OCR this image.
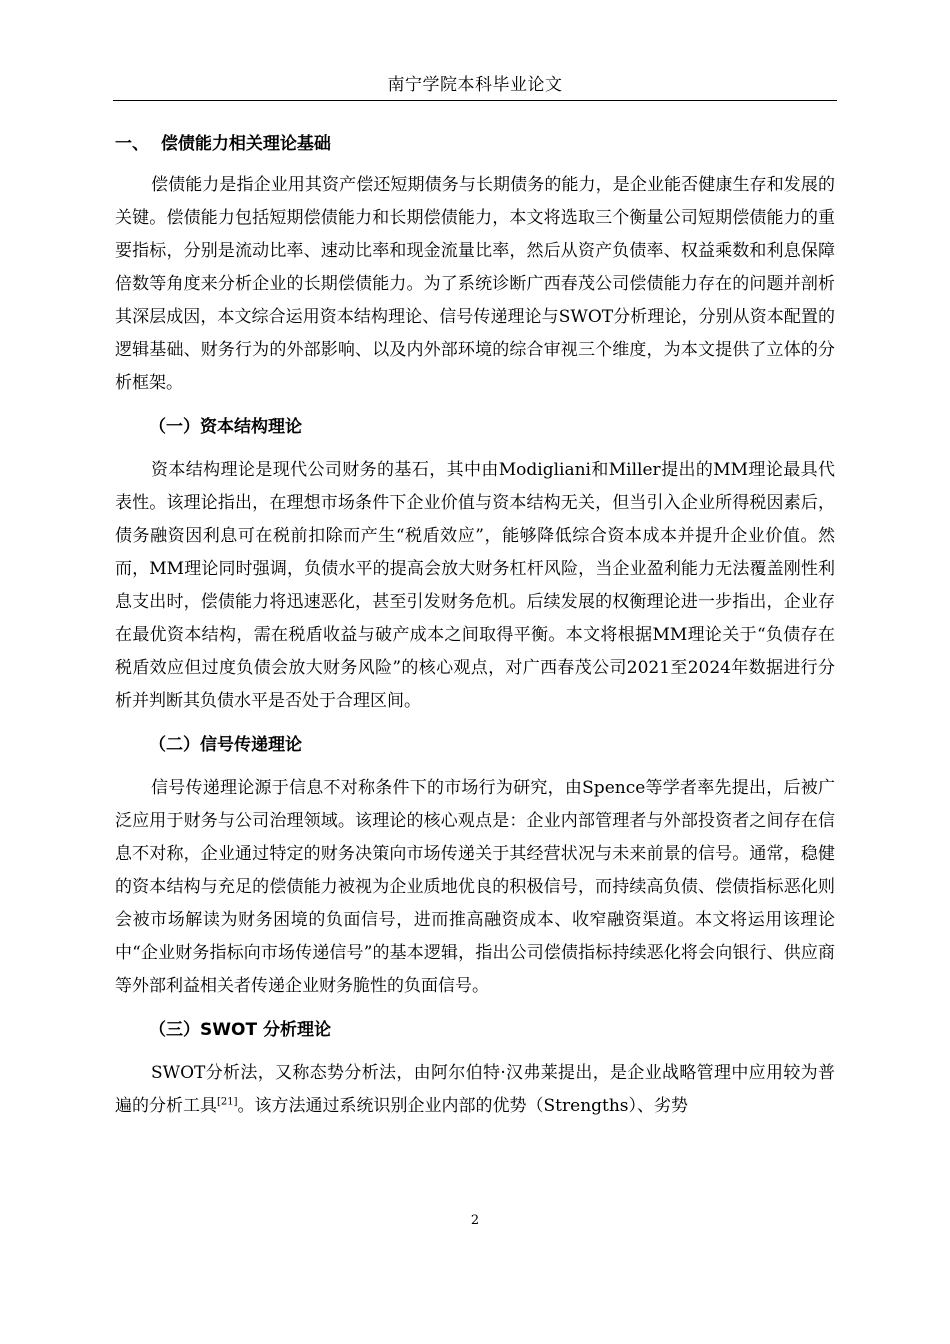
南宁学院本科毕业论文
一、  偿债能力相关理论基础

偿债能力是指企业用其资产偿还短期债务与长期债务的能力，是企业能否健康生存和发展的关键。偿债能力包括短期偿债能力和长期偿债能力，本文将选取三个衡量公司短期偿债能力的重要指标，分别是流动比率、速动比率和现金流量比率，然后从资产负债率、权益乘数和利息保障倍数等角度来分析企业的长期偿债能力。为了系统诊断广西春茂公司偿债能力存在的问题并剖析其深层成因，本文综合运用资本结构理论、信号传递理论与SWOT分析理论，分别从资本配置的逻辑基础、财务行为的外部影响、以及内外部环境的综合审视三个维度，为本文提供了立体的分析框架。

（一）资本结构理论

资本结构理论是现代公司财务的基石，其中由Modigliani和Miller提出的MM理论最具代表性。该理论指出，在理想市场条件下企业价值与资本结构无关，但当引入企业所得税因素后，债务融资因利息可在税前扣除而产生“税盾效应”，能够降低综合资本成本并提升企业价值。然而，MM理论同时强调，负债水平的提高会放大财务杠杆风险，当企业盈利能力无法覆盖刚性利息支出时，偿债能力将迅速恶化，甚至引发财务危机。后续发展的权衡理论进一步指出，企业存在最优资本结构，需在税盾收益与破产成本之间取得平衡。本文将根据MM理论关于“负债存在税盾效应但过度负债会放大财务风险”的核心观点，对广西春茂公司2021至2024年数据进行分析并判断其负债水平是否处于合理区间。

（二）信号传递理论

信号传递理论源于信息不对称条件下的市场行为研究，由Spence等学者率先提出，后被广泛应用于财务与公司治理领域。该理论的核心观点是：企业内部管理者与外部投资者之间存在信息不对称，企业通过特定的财务决策向市场传递关于其经营状况与未来前景的信号。通常，稳健的资本结构与充足的偿债能力被视为企业质地优良的积极信号，而持续高负债、偿债指标恶化则会被市场解读为财务困境的负面信号，进而推高融资成本、收窄融资渠道。本文将运用该理论中“企业财务指标向市场传递信号”的基本逻辑，指出公司偿债指标持续恶化将会向银行、供应商等外部利益相关者传递企业财务脆性的负面信号。

（三）SWOT 分析理论

SWOT分析法，又称态势分析法，由阿尔伯特·汉弗莱提出，是企业战略管理中应用较为普遍的分析工具[21]。该方法通过系统识别企业内部的优势（Strengths）、劣势

2
